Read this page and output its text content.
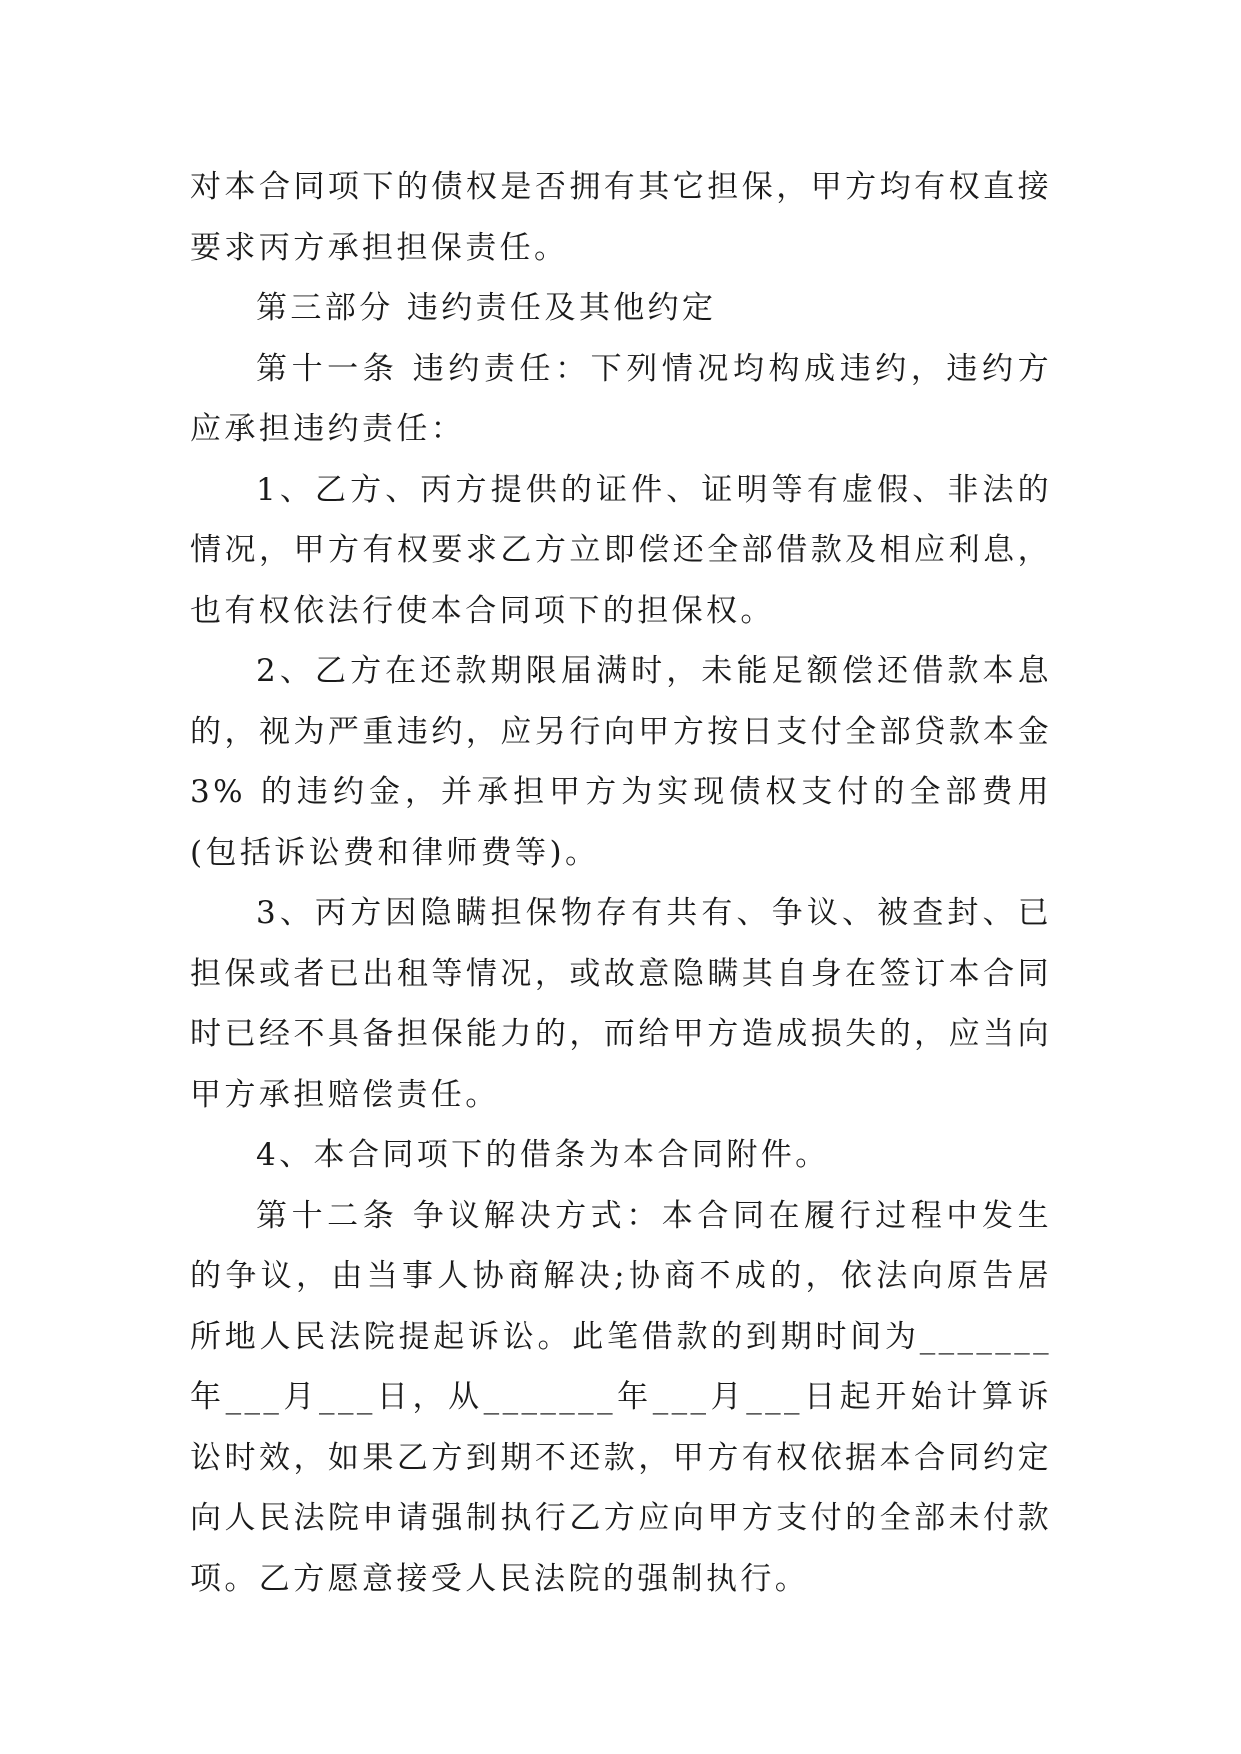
对本合同项下的债权是否拥有其它担保，甲方均有权直接要求丙方承担担保责任。

第三部分 违约责任及其他约定

第十一条 违约责任：下列情况均构成违约，违约方应承担违约责任：

1、乙方、丙方提供的证件、证明等有虚假、非法的情况，甲方有权要求乙方立即偿还全部借款及相应利息，也有权依法行使本合同项下的担保权。

2、乙方在还款期限届满时，未能足额偿还借款本息的，视为严重违约，应另行向甲方按日支付全部贷款本金 3% 的违约金，并承担甲方为实现债权支付的全部费用(包括诉讼费和律师费等)。

3、丙方因隐瞒担保物存有共有、争议、被查封、已担保或者已出租等情况，或故意隐瞒其自身在签订本合同时已经不具备担保能力的，而给甲方造成损失的，应当向甲方承担赔偿责任。

4、本合同项下的借条为本合同附件。

第十二条 争议解决方式：本合同在履行过程中发生的争议，由当事人协商解决;协商不成的，依法向原告居所地人民法院提起诉讼。此笔借款的到期时间为_______年___月___日，从_______年___月___日起开始计算诉讼时效，如果乙方到期不还款，甲方有权依据本合同约定向人民法院申请强制执行乙方应向甲方支付的全部未付款项。乙方愿意接受人民法院的强制执行。
